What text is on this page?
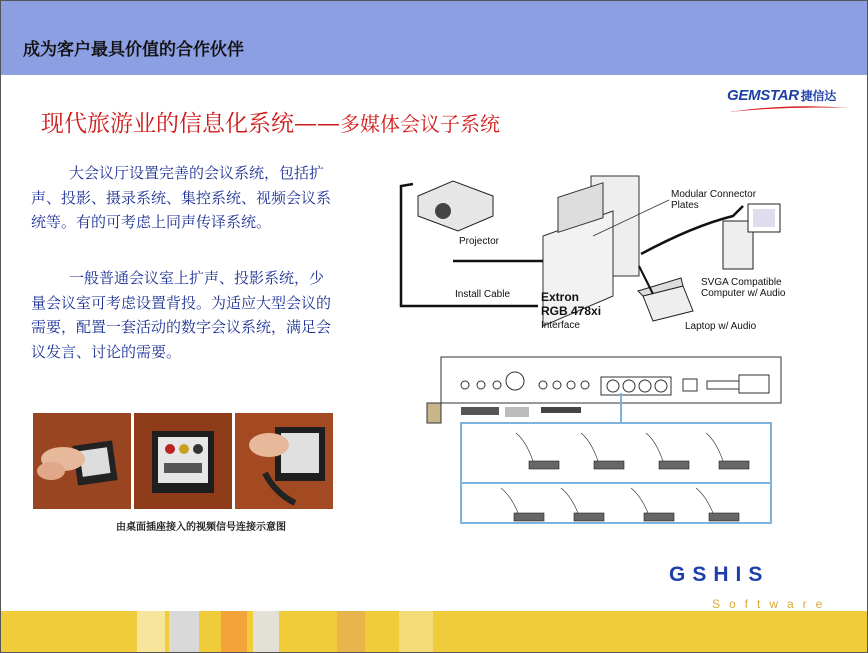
成为客户最具价值的合作伙伴
GEMSTAR 捷信达
现代旅游业的信息化系统——多媒体会议子系统
大会议厅设置完善的会议系统，包括扩声、投影、摄录系统、集控系统、视频会议系统等。有的可考虑上同声传译系统。
一般普通会议室上扩声、投影系统，少量会议室可考虑设置背投。为适应大型会议的需要，配置一套活动的数字会议系统，满足会议发言、讨论的需要。
由桌面插座接入的视频信号连接示意图
Projector
Modular Connector
Plates
Install Cable	Extron
RGB 478xi
Interface
SVGA Compatible
Computer w/ Audio
Laptop w/ Audio
GSHIS
Software
